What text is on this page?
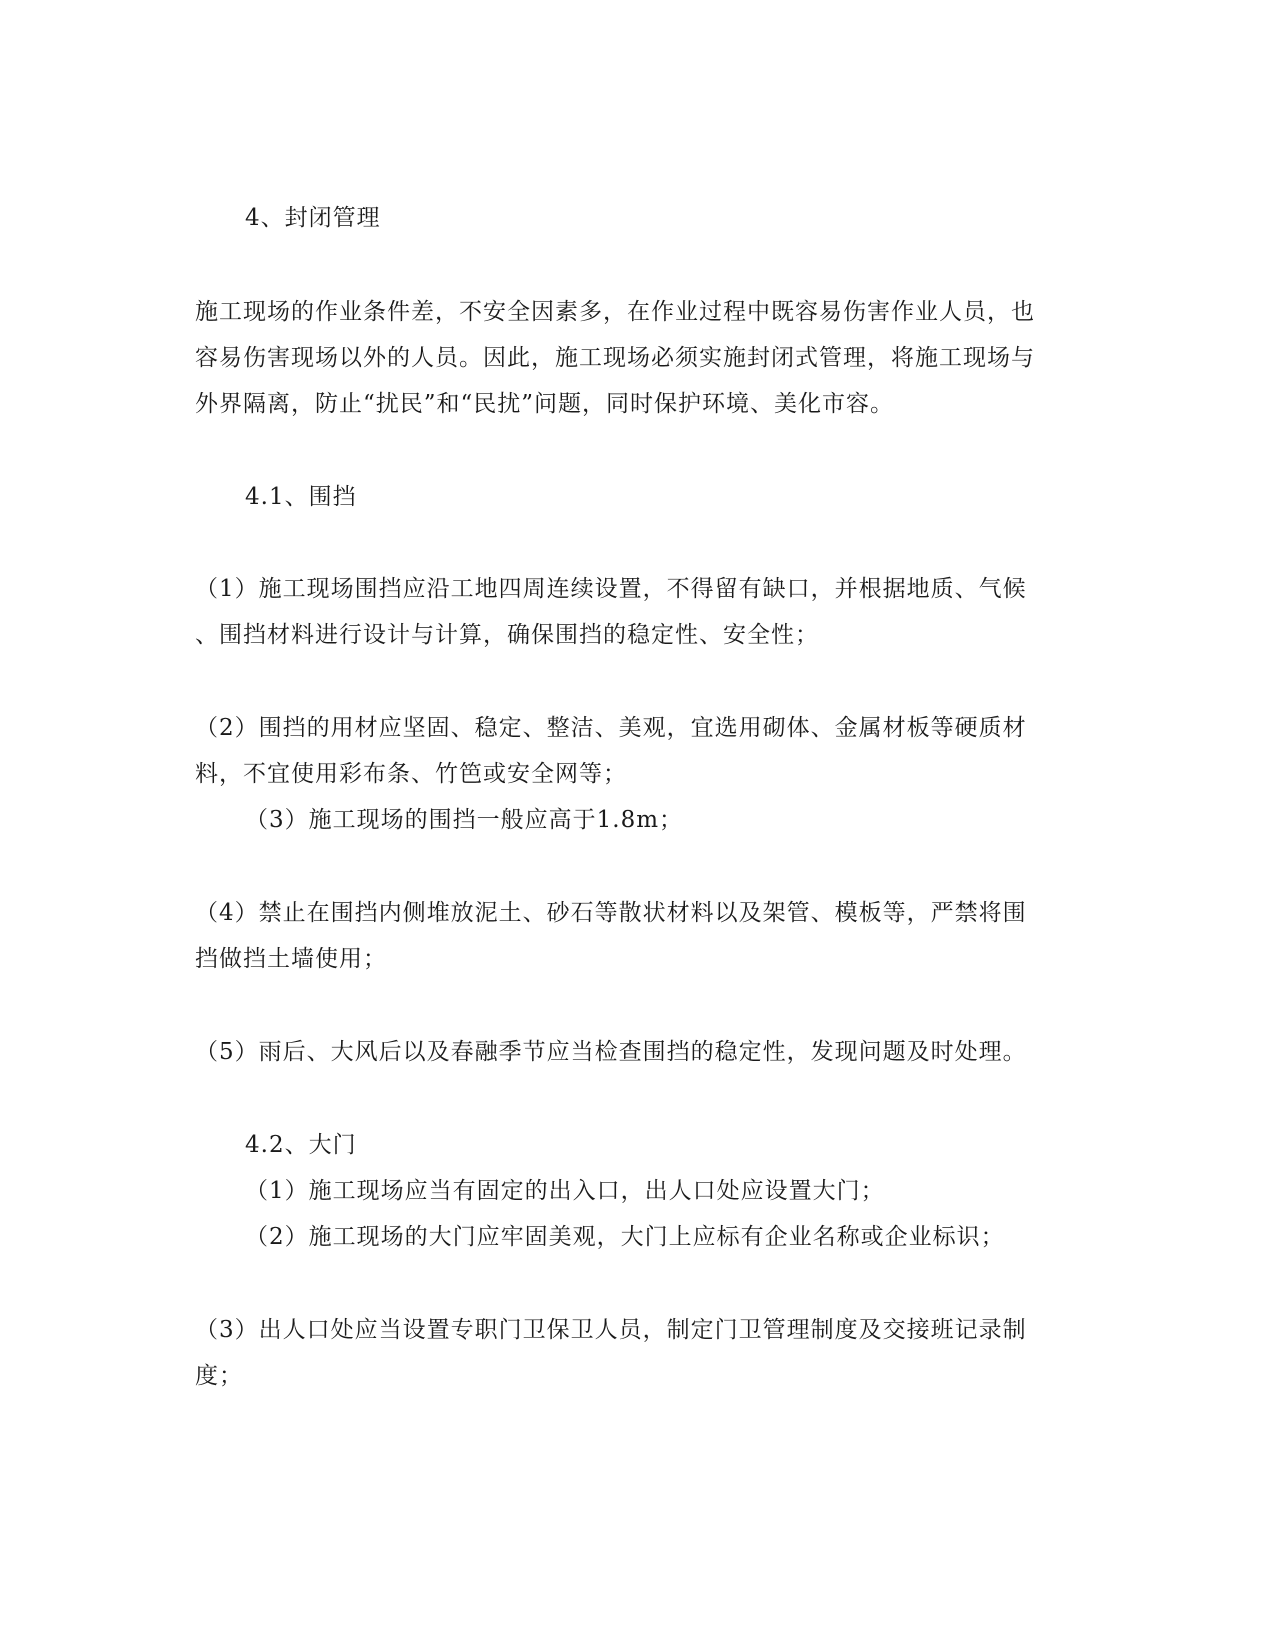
4、封闭管理
施工现场的作业条件差，不安全因素多，在作业过程中既容易伤害作业人员，也
容易伤害现场以外的人员。因此，施工现场必须实施封闭式管理，将施工现场与
外界隔离，防止“扰民”和“民扰”问题，同时保护环境、美化市容。
4.1、围挡
（1）施工现场围挡应沿工地四周连续设置，不得留有缺口，并根据地质、气候
、围挡材料进行设计与计算，确保围挡的稳定性、安全性；
（2）围挡的用材应坚固、稳定、整洁、美观，宜选用砌体、金属材板等硬质材
料，不宜使用彩布条、竹笆或安全网等；
（3）施工现场的围挡一般应高于1.8m；
（4）禁止在围挡内侧堆放泥土、砂石等散状材料以及架管、模板等，严禁将围
挡做挡土墙使用；
（5）雨后、大风后以及春融季节应当检查围挡的稳定性，发现问题及时处理。
4.2、大门
（1）施工现场应当有固定的出入口，出人口处应设置大门；
（2）施工现场的大门应牢固美观，大门上应标有企业名称或企业标识；
（3）出人口处应当设置专职门卫保卫人员，制定门卫管理制度及交接班记录制
度；
